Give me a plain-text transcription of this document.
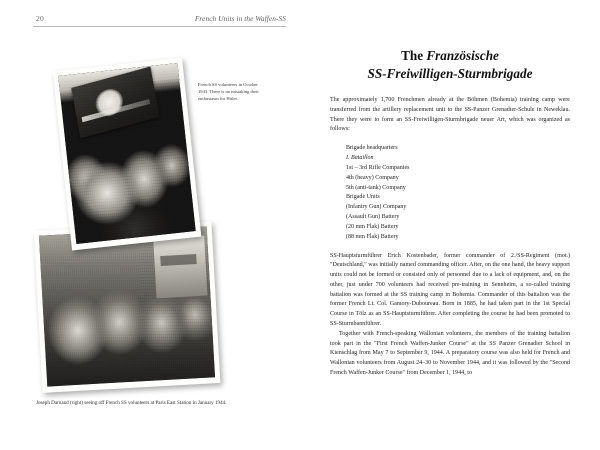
20	French Units in the Waffen-SS
French SS volunteers in October 1943. There is no mistaking their enthusiasm for Hitler.
Joseph Darnand (right) seeing off French SS volunteers at Paris East Station in January 1944.
The Französische
SS-Freiwilligen-Sturmbrigade

The approximately 1,700 Frenchmen already at the Böhmen (Bohemia) training camp were transferred from the artillery replacement unit to the SS-Panzer Grenadier-Schule in Neweklau. There they were to form an SS-Freiwilligen-Sturmbrigade neuer Art, which was organized as follows:

Brigade headquarters
I. Bataillon
1st – 3rd Rifle Companies
4th (heavy) Company
5th (anti-tank) Company
Brigade Units
(Infantry Gun) Company
(Assault Gun) Battery
(20 mm Flak) Battery
(88 mm Flak) Battery

SS-Hauptsturmführer Erich Kostenbader, former commander of 2./SS-Regiment (mot.) "Deutschland," was initially named commanding officer. After, on the one hand, the heavy support units could not be formed or consisted only of personnel due to a lack of equipment, and, on the other, just under 700 volunteers had received pre-training in Sennheim, a so-called training battalion was formed at the SS training camp in Bohemia. Commander of this battalion was the former French Lt. Col. Gamory-Duboureau. Born in 1885, he had taken part in the 1st Special Course in Tölz as an SS-Hauptsturmführer. After completing the course he had been promoted to SS-Sturmbannführer.

Together with French-speaking Wallonian volunteers, the members of the training battalion took part in the "First French Waffen-Junker Course" at the SS Panzer Grenadier School in Kienschlag from May 7 to September 9, 1944. A preparatory course was also held for French and Wallonian volunteers from August 24–30 to November 1944, and it was followed by the "Second French Waffen-Junker Course" from December 1, 1944, to
